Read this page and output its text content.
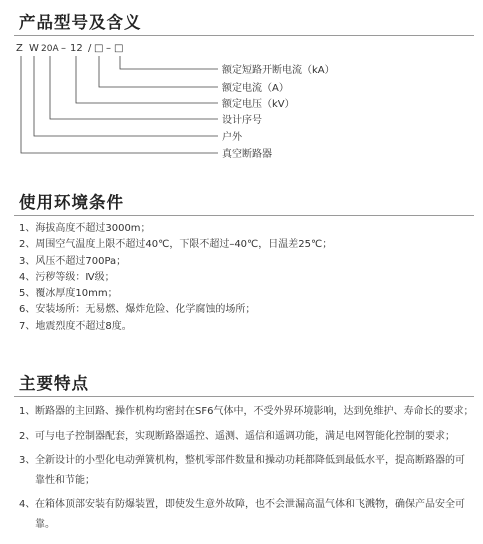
产品型号及含义
Z W 20A – 12 / □ – □
额定短路开断电流（kA）
额定电流（A）
额定电压（kV）
设计序号
户外
真空断路器
使用环境条件
1、海拔高度不超过3000m；
2、周围空气温度上限不超过40℃，下限不超过–40℃，日温差25℃；
3、风压不超过700Pa；
4、污秽等级：Ⅳ级；
5、覆冰厚度10mm；
6、安装场所：无易燃、爆炸危险、化学腐蚀的场所；
7、地震烈度不超过8度。
主要特点
1、 断路器的主回路、操作机构均密封在SF6气体中，不受外界环境影响，达到免维护、寿命长的要求；
2、 可与电子控制器配套，实现断路器遥控、遥测、遥信和遥调功能，满足电网智能化控制的要求；
3、 全新设计的小型化电动弹簧机构，整机零部件数量和操动功耗都降低到最低水平，提高断路器的可靠性和节能；
4、 在箱体顶部安装有防爆装置，即使发生意外故障，也不会泄漏高温气体和飞溅物，确保产品安全可靠。
